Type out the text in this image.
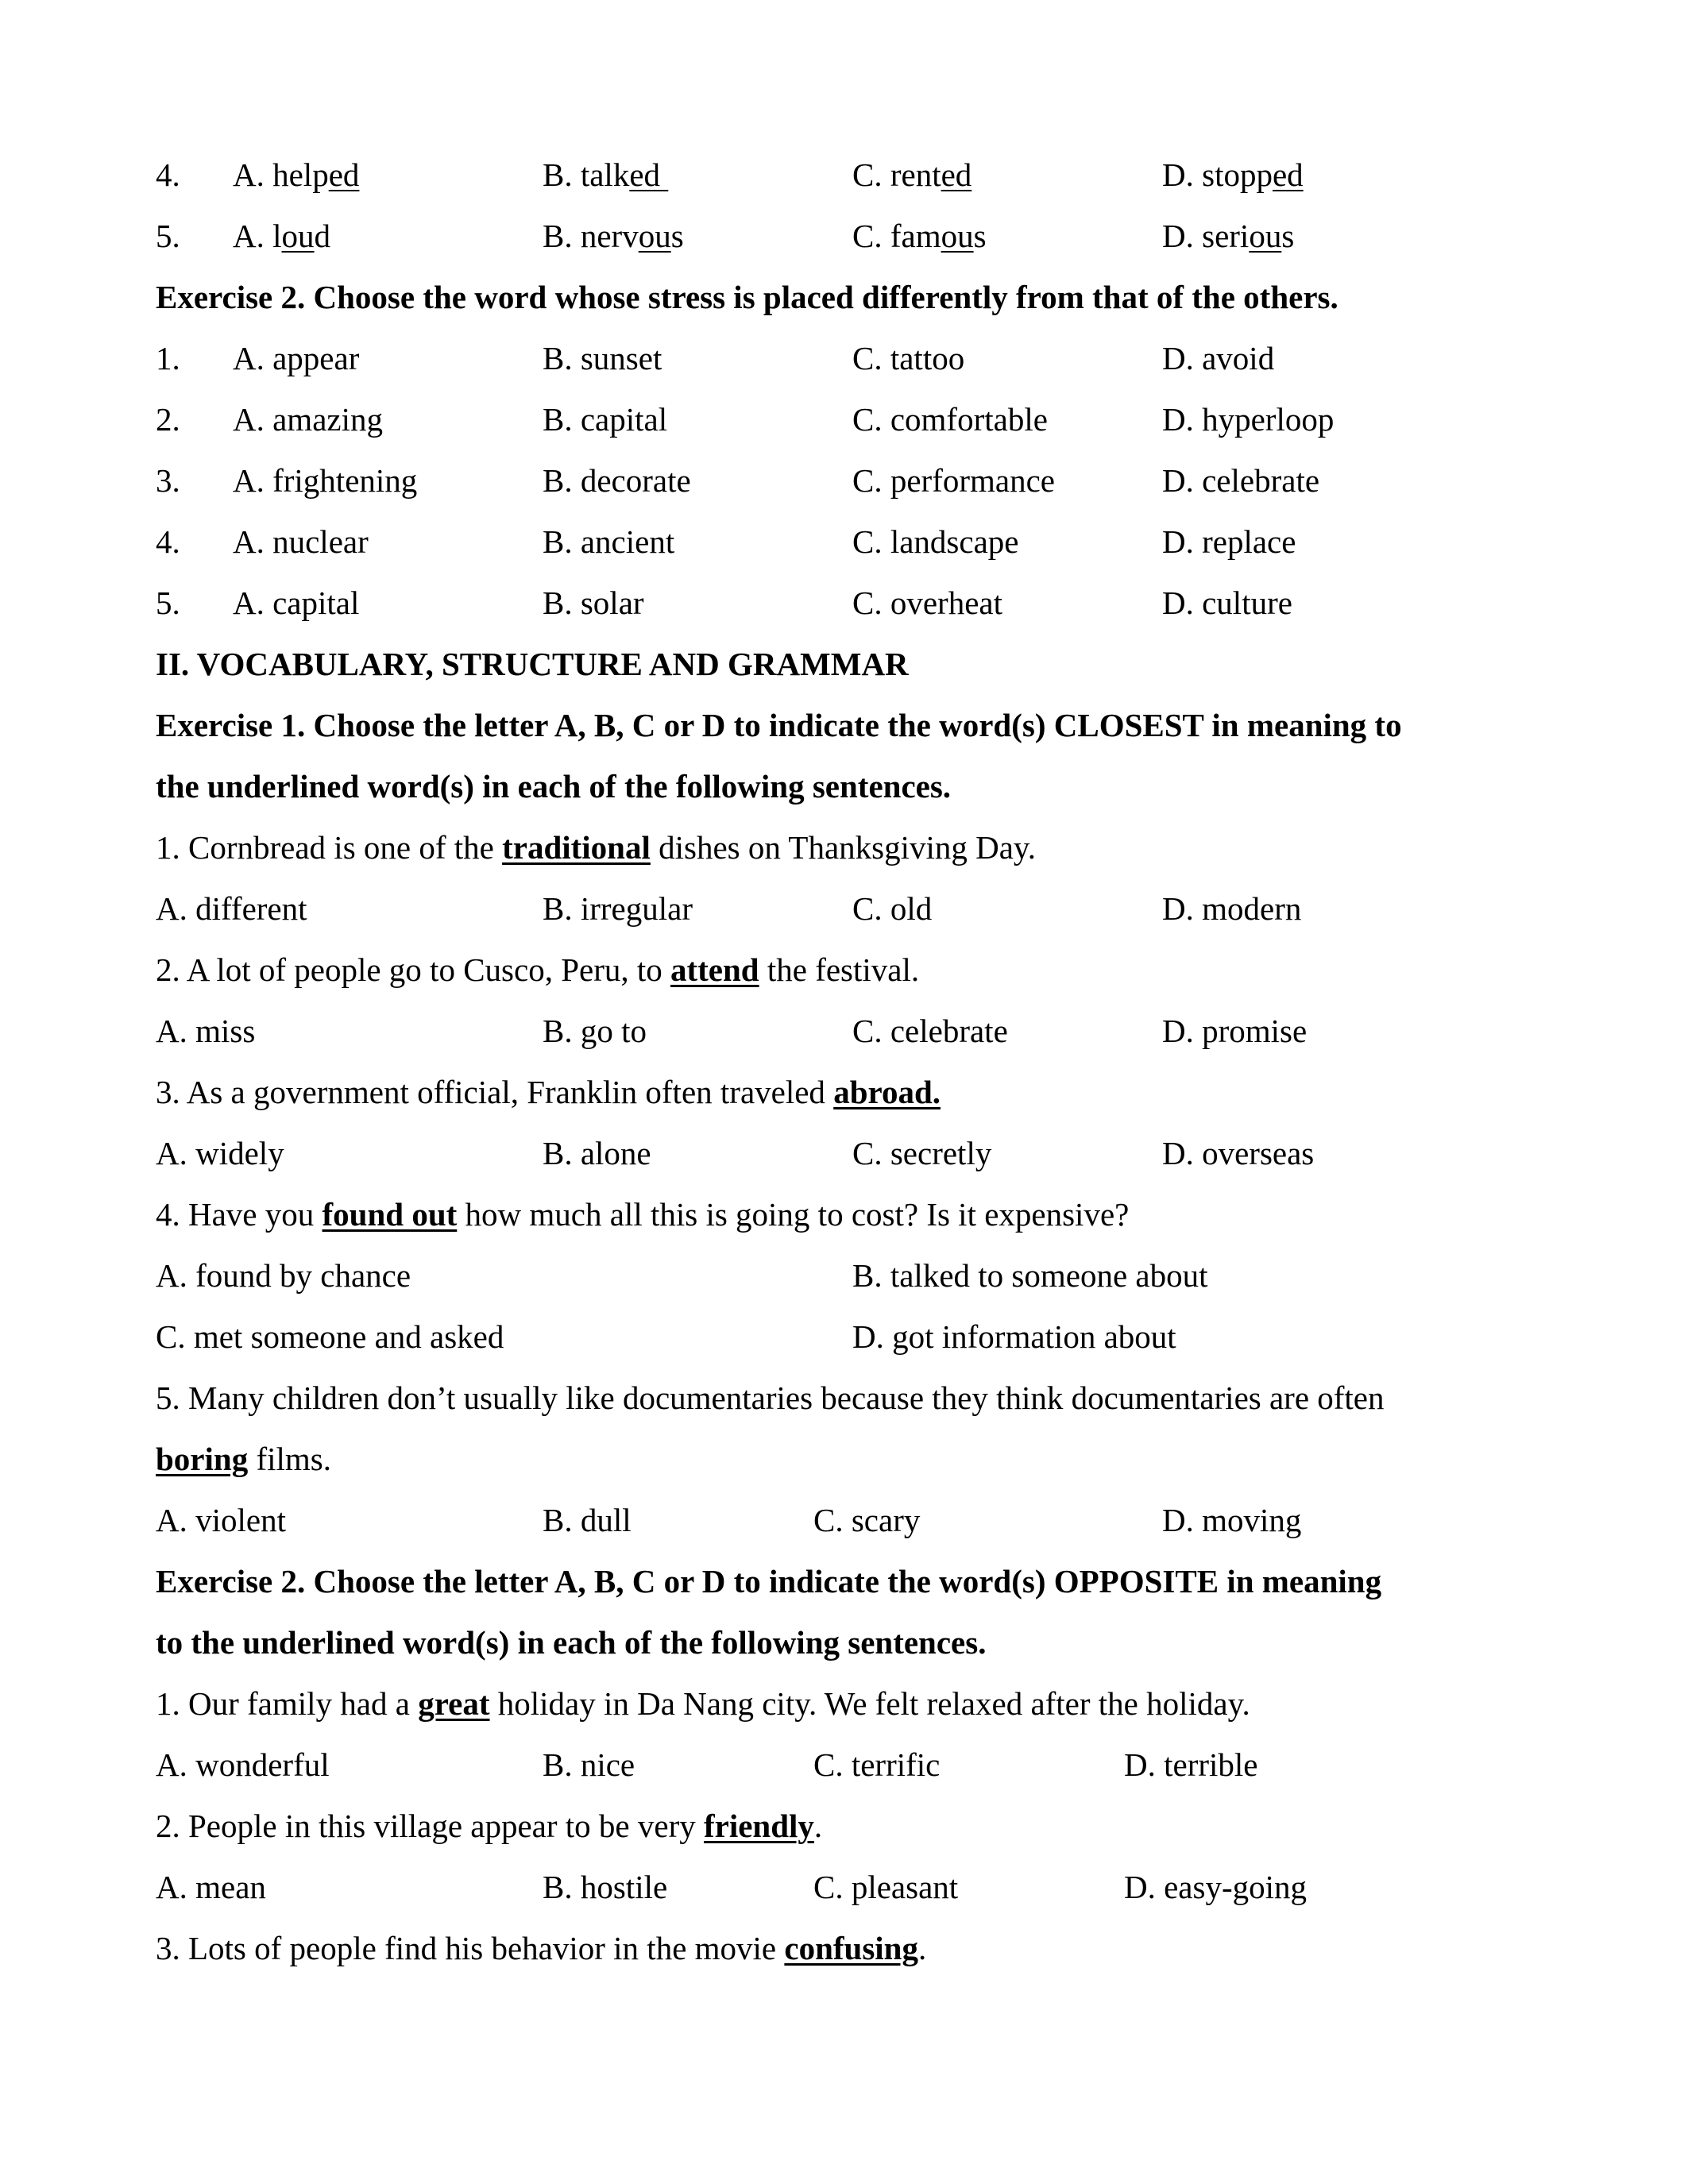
4. A. helped	B. talked	C. rented	D. stopped
5. A. loud	B. nervous	C. famous	D. serious
Exercise 2. Choose the word whose stress is placed differently from that of the others.
1. A. appear	B. sunset	C. tattoo	D. avoid
2. A. amazing	B. capital	C. comfortable	D. hyperloop
3. A. frightening	B. decorate	C. performance	D. celebrate
4. A. nuclear	B. ancient	C. landscape	D. replace
5. A. capital	B. solar	C. overheat	D. culture
II. VOCABULARY, STRUCTURE AND GRAMMAR
Exercise 1. Choose the letter A, B, C or D to indicate the word(s) CLOSEST in meaning to
the underlined word(s) in each of the following sentences.
1. Cornbread is one of the traditional dishes on Thanksgiving Day.
A. different	B. irregular	C. old	D. modern
2. A lot of people go to Cusco, Peru, to attend the festival.
A. miss	B. go to	C. celebrate	D. promise
3. As a government official, Franklin often traveled abroad.
A. widely	B. alone	C. secretly	D. overseas
4. Have you found out how much all this is going to cost? Is it expensive?
A. found by chance	B. talked to someone about
C. met someone and asked	D. got information about
5. Many children don’t usually like documentaries because they think documentaries are often
boring films.
A. violent	B. dull	C. scary	D. moving
Exercise 2. Choose the letter A, B, C or D to indicate the word(s) OPPOSITE in meaning
to the underlined word(s) in each of the following sentences.
1. Our family had a great holiday in Da Nang city. We felt relaxed after the holiday.
A. wonderful	B. nice	C. terrific	D. terrible
2. People in this village appear to be very friendly.
A. mean	B. hostile	C. pleasant	D. easy-going
3. Lots of people find his behavior in the movie confusing.
